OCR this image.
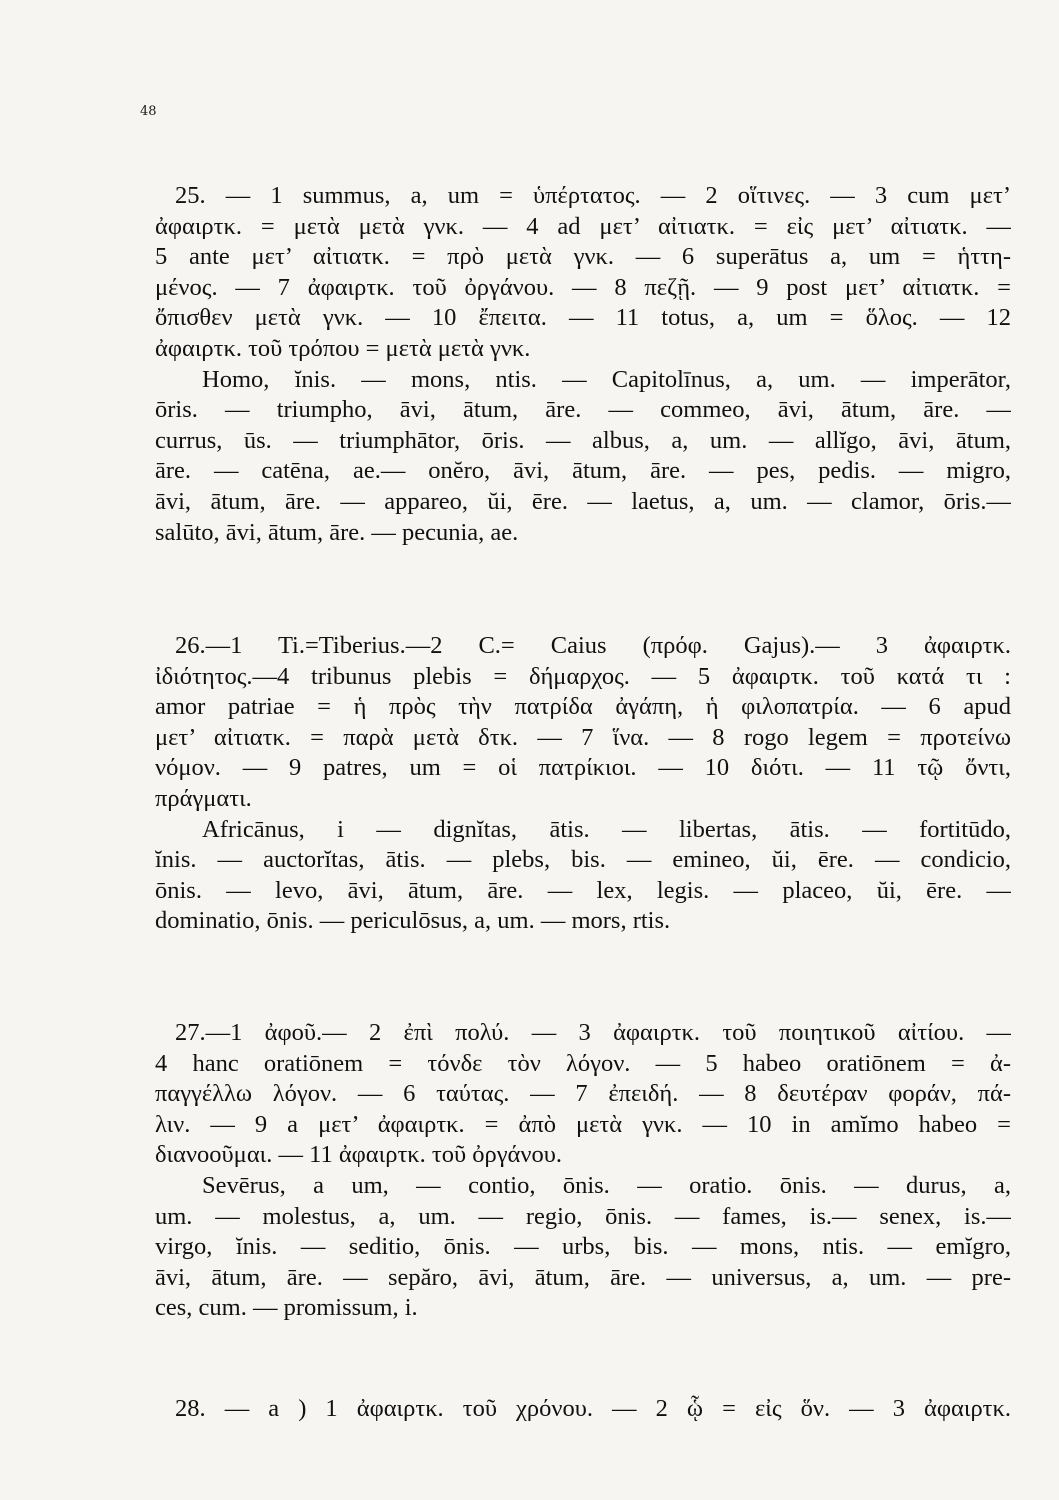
48
25. — 1 summus, a, um = ὑπέρτατος. — 2 οἵτινες. — 3 cum μετ’
ἀφαιρτκ. = μετὰ μετὰ γνκ. — 4 ad μετ’ αἰτιατκ. = εἰς μετ’ αἰτιατκ. —
5 ante μετ’ αἰτιατκ. = πρὸ μετὰ γνκ. — 6 superātus a, um = ἡττη-
μένος. — 7 ἀφαιρτκ. τοῦ ὀργάνου. — 8 πεζῇ. — 9 post μετ’ αἰτιατκ. =
ὄπισθεν μετὰ γνκ. — 10 ἔπειτα. — 11 totus, a, um = ὅλος. — 12
ἀφαιρτκ. τοῦ τρόπου = μετὰ μετὰ γνκ.
Homo, ĭnis. — mons, ntis. — Capitolīnus, a, um. — imperātor,
ōris. — triumpho, āvi, ātum, āre. — commeo, āvi, ātum, āre. —
currus, ūs. — triumphātor, ōris. — albus, a, um. — allĭgo, āvi, ātum,
āre. — catēna, ae.— onĕro, āvi, ātum, āre. — pes, pedis. — migro,
āvi, ātum, āre. — appareo, ŭi, ēre. — laetus, a, um. — clamor, ōris.—
salūto, āvi, ātum, āre. — pecunia, ae.
26.—1 Ti.=Tiberius.—2 C.= Caius (πρόφ. Gajus).— 3 ἀφαιρτκ.
ἰδιότητος.—4 tribunus plebis = δήμαρχος. — 5 ἀφαιρτκ. τοῦ κατά τι :
amor patriae = ἡ πρὸς τὴν πατρίδα ἀγάπη, ἡ φιλοπατρία. — 6 apud
μετ’ αἰτιατκ. = παρὰ μετὰ δτκ. — 7 ἵνα. — 8 rogo legem = προτείνω
νόμον. — 9 patres, um = οἱ πατρίκιοι. — 10 διότι. — 11 τῷ ὄντι,
πράγματι.
Africānus, i — dignĭtas, ātis. — libertas, ātis. — fortitūdo,
ĭnis. — auctorĭtas, ātis. — plebs, bis. — emineo, ŭi, ēre. — condicio,
ōnis. — levo, āvi, ātum, āre. — lex, legis. — placeo, ŭi, ēre. —
dominatio, ōnis. — periculōsus, a, um. — mors, rtis.
27.—1 ἀφοῦ.— 2 ἐπὶ πολύ. — 3 ἀφαιρτκ. τοῦ ποιητικοῦ αἰτίου. —
4 hanc oratiōnem = τόνδε τὸν λόγον. — 5 habeo oratiōnem = ἀ-
παγγέλλω λόγον. — 6 ταύτας. — 7 ἐπειδή. — 8 δευτέραν φοράν, πά-
λιν. — 9 a μετ’ ἀφαιρτκ. = ἀπὸ μετὰ γνκ. — 10 in amĭmo habeo =
διανοοῦμαι. — 11 ἀφαιρτκ. τοῦ ὀργάνου.
Sevērus, a um, — contio, ōnis. — oratio. ōnis. — durus, a,
um. — molestus, a, um. — regio, ōnis. — fames, is.— senex, is.—
virgo, ĭnis. — seditio, ōnis. — urbs, bis. — mons, ntis. — emĭgro,
āvi, ātum, āre. — sepăro, āvi, ātum, āre. — universus, a, um. — pre-
ces, cum. — promissum, i.
28. — a ) 1 ἀφαιρτκ. τοῦ χρόνου. — 2 ᾧ = εἰς ὅν. — 3 ἀφαιρτκ.
